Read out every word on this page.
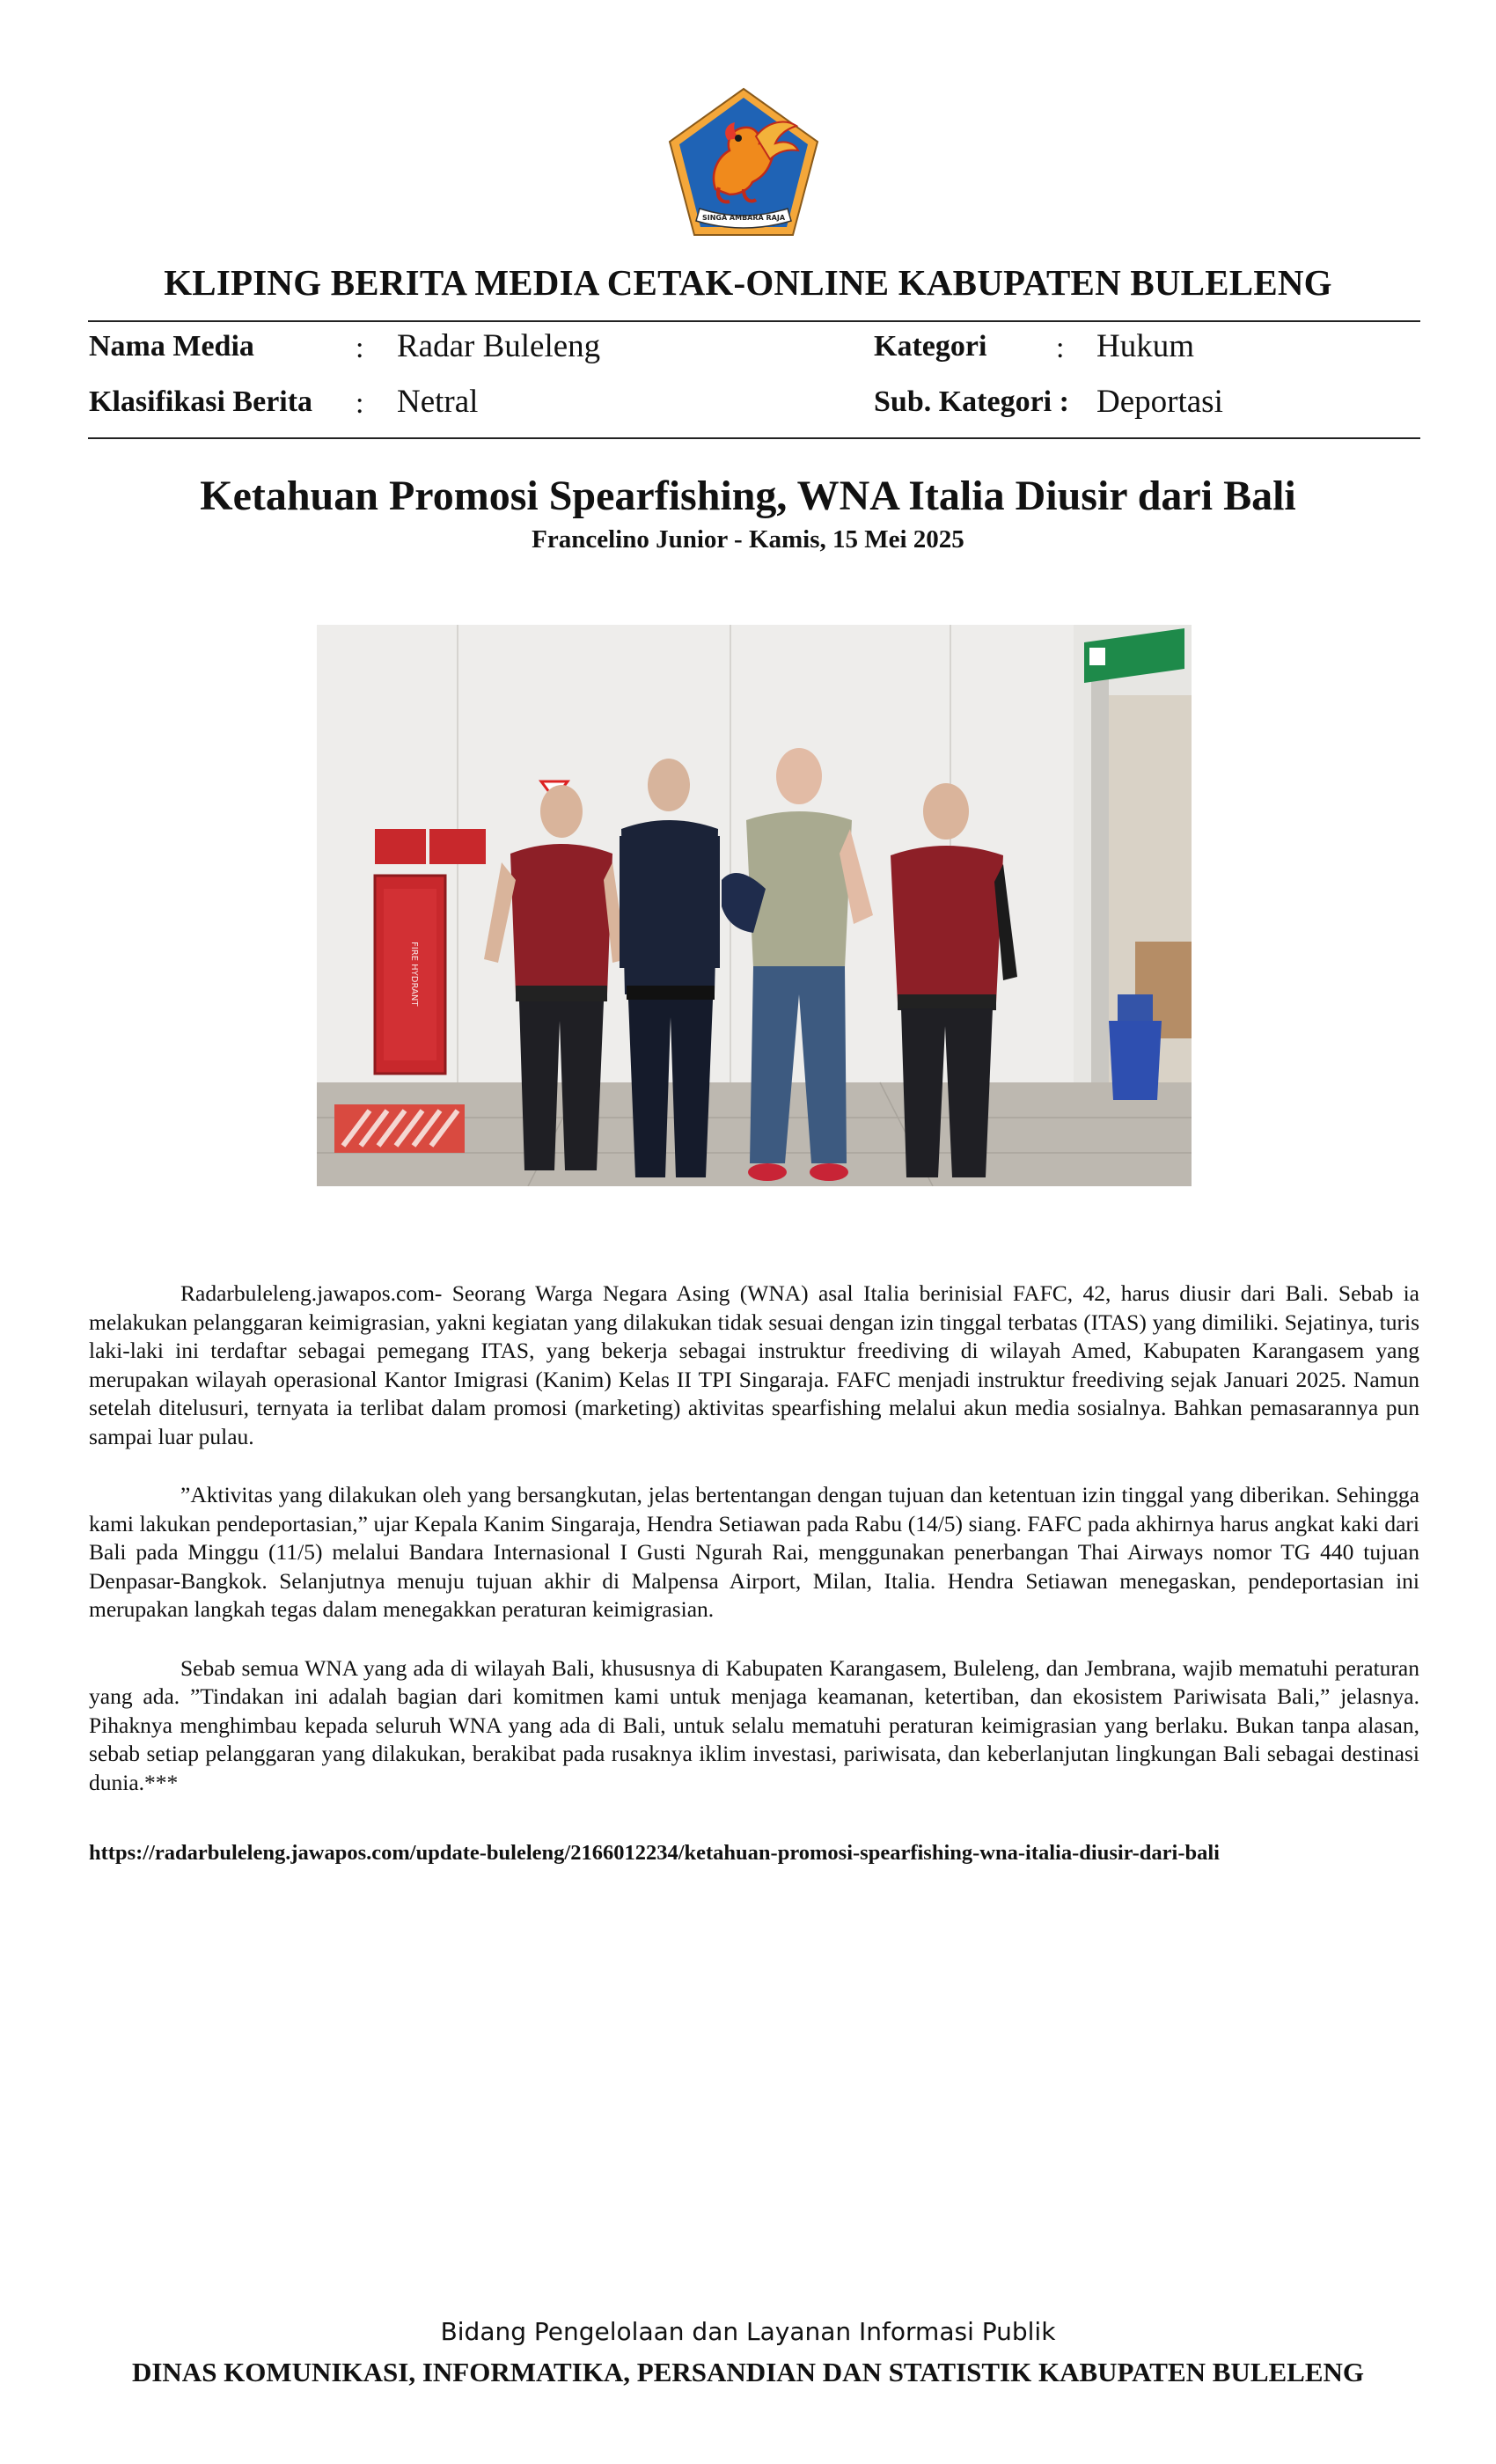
SINGA AMBARA RAJA
KLIPING BERITA MEDIA CETAK-ONLINE KABUPATEN BULELENG
Nama Media	: Radar Buleleng	Kategori : Hukum
Klasifikasi Berita : Netral	Sub. Kategori : Deportasi
Ketahuan Promosi Spearfishing, WNA Italia Diusir dari Bali
Francelino Junior - Kamis, 15 Mei 2025
FIRE HYDRANT

Radarbuleleng.jawapos.com- Seorang Warga Negara Asing (WNA) asal Italia berinisial FAFC, 42, harus diusir dari Bali. Sebab ia melakukan pelanggaran keimigrasian, yakni kegiatan yang dilakukan tidak sesuai dengan izin tinggal terbatas (ITAS) yang dimiliki. Sejatinya, turis laki-laki ini terdaftar sebagai pemegang ITAS, yang bekerja sebagai instruktur freediving di wilayah Amed, Kabupaten Karangasem yang merupakan wilayah operasional Kantor Imigrasi (Kanim) Kelas II TPI Singaraja. FAFC menjadi instruktur freediving sejak Januari 2025. Namun setelah ditelusuri, ternyata ia terlibat dalam promosi (marketing) aktivitas spearfishing melalui akun media sosialnya. Bahkan pemasarannya pun sampai luar pulau.

”Aktivitas yang dilakukan oleh yang bersangkutan, jelas bertentangan dengan tujuan dan ketentuan izin tinggal yang diberikan. Sehingga kami lakukan pendeportasian,” ujar Kepala Kanim Singaraja, Hendra Setiawan pada Rabu (14/5) siang. FAFC pada akhirnya harus angkat kaki dari Bali pada Minggu (11/5) melalui Bandara Internasional I Gusti Ngurah Rai, menggunakan penerbangan Thai Airways nomor TG 440 tujuan Denpasar-Bangkok. Selanjutnya menuju tujuan akhir di Malpensa Airport, Milan, Italia. Hendra Setiawan menegaskan, pendeportasian ini merupakan langkah tegas dalam menegakkan peraturan keimigrasian.

Sebab semua WNA yang ada di wilayah Bali, khususnya di Kabupaten Karangasem, Buleleng, dan Jembrana, wajib mematuhi peraturan yang ada. ”Tindakan ini adalah bagian dari komitmen kami untuk menjaga keamanan, ketertiban, dan ekosistem Pariwisata Bali,” jelasnya. Pihaknya menghimbau kepada seluruh WNA yang ada di Bali, untuk selalu mematuhi peraturan keimigrasian yang berlaku. Bukan tanpa alasan, sebab setiap pelanggaran yang dilakukan, berakibat pada rusaknya iklim investasi, pariwisata, dan keberlanjutan lingkungan Bali sebagai destinasi dunia.***

https://radarbuleleng.jawapos.com/update-buleleng/2166012234/ketahuan-promosi-spearfishing-wna-italia-diusir-dari-bali
Bidang Pengelolaan dan Layanan Informasi Publik
DINAS KOMUNIKASI, INFORMATIKA, PERSANDIAN DAN STATISTIK KABUPATEN BULELENG
